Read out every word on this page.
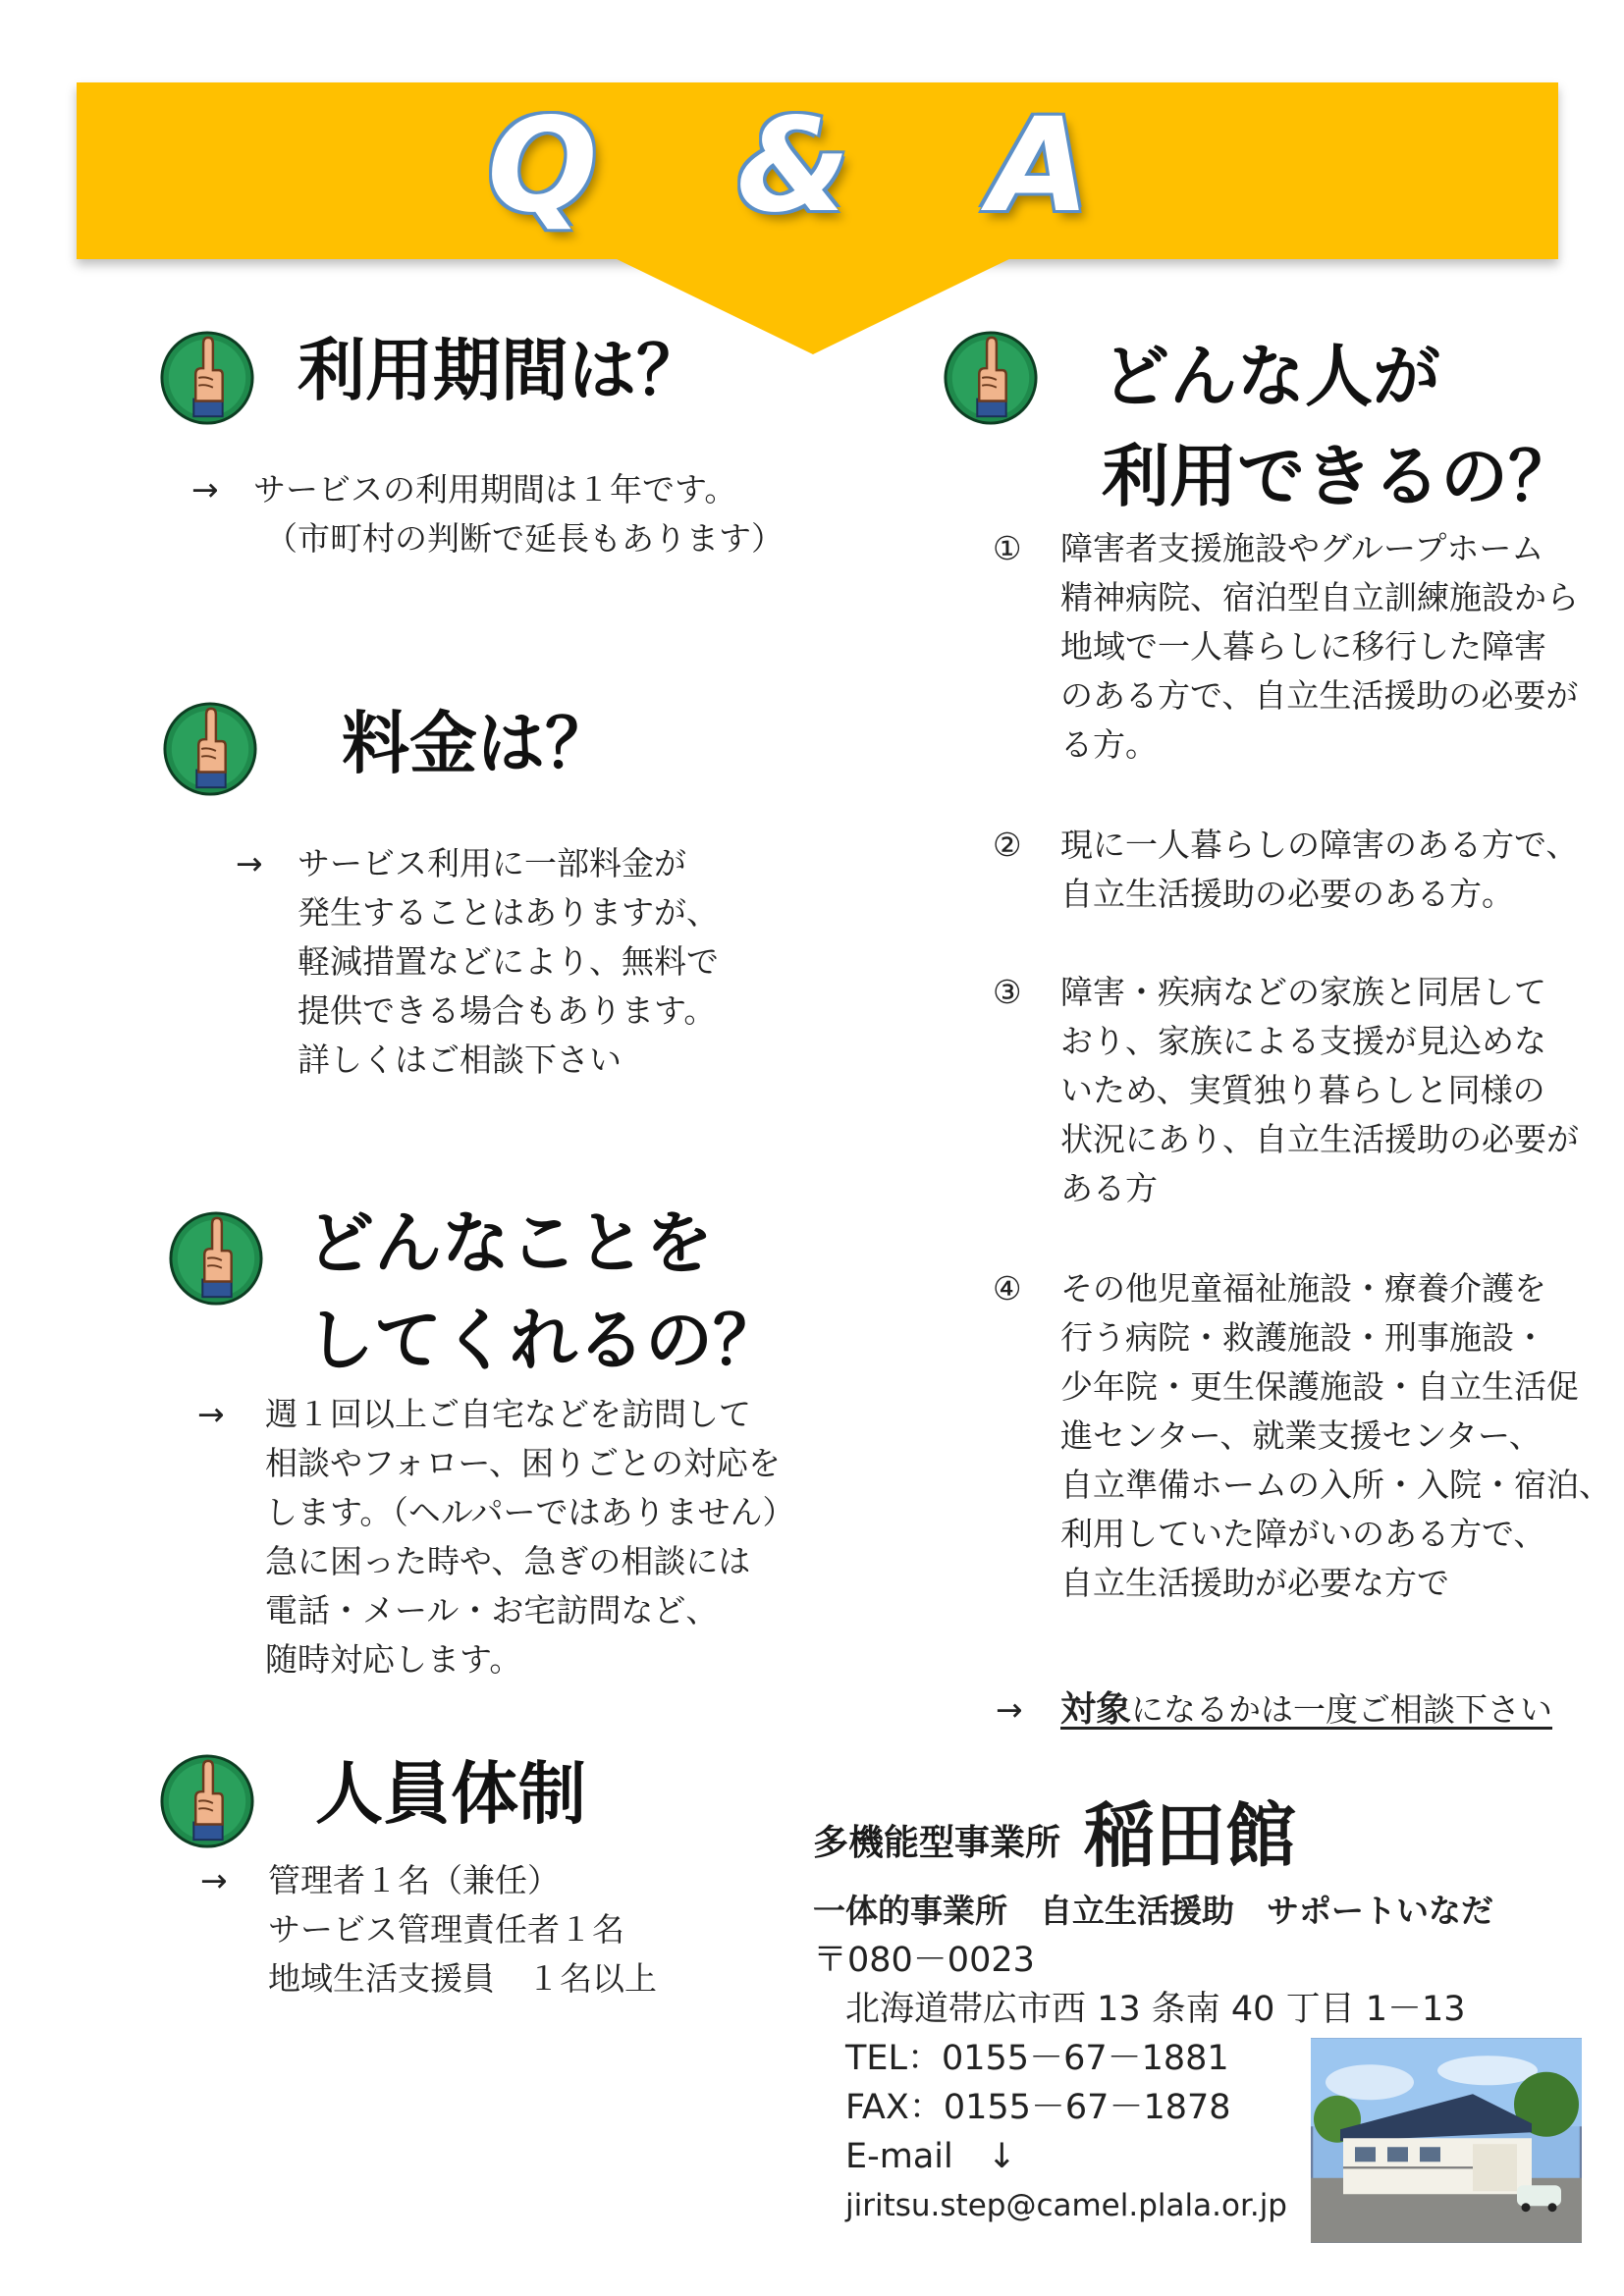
Q & A
利用期間は？
→ サービスの利用期間は１年です。
（市町村の判断で延長もあります）
料金は？
→ サービス利用に一部料金が
発生することはありますが、
軽減措置などにより、無料で
提供できる場合もあります。
詳しくはご相談下さい
どんなことを
してくれるの？
→ 週１回以上ご自宅などを訪問して
相談やフォロー、困りごとの対応を
します。（ヘルパーではありません）
急に困った時や、急ぎの相談には
電話・メール・お宅訪問など、
随時対応します。
人員体制
→ 管理者１名（兼任）
サービス管理責任者１名
地域生活支援員　１名以上
どんな人が
利用できるの？
① 障害者支援施設やグループホーム
精神病院、宿泊型自立訓練施設から
地域で一人暮らしに移行した障害
のある方で、自立生活援助の必要が
る方。
② 現に一人暮らしの障害のある方で、
自立生活援助の必要のある方。
③ 障害・疾病などの家族と同居して
おり、家族による支援が見込めな
いため、実質独り暮らしと同様の
状況にあり、自立生活援助の必要が
ある方
④ その他児童福祉施設・療養介護を
行う病院・救護施設・刑事施設・
少年院・更生保護施設・自立生活促
進センター、就業支援センター、
自立準備ホームの入所・入院・宿泊、
利用していた障がいのある方で、
自立生活援助が必要な方で
→ 対象になるかは一度ご相談下さい
多機能型事業所 稲田館
一体的事業所　自立生活援助　サポートいなだ
〒080－0023
北海道帯広市西 13 条南 40 丁目 1－13
TEL：0155－67－1881
FAX：0155－67－1878
E-mail　↓
jiritsu.step@camel.plala.or.jp
